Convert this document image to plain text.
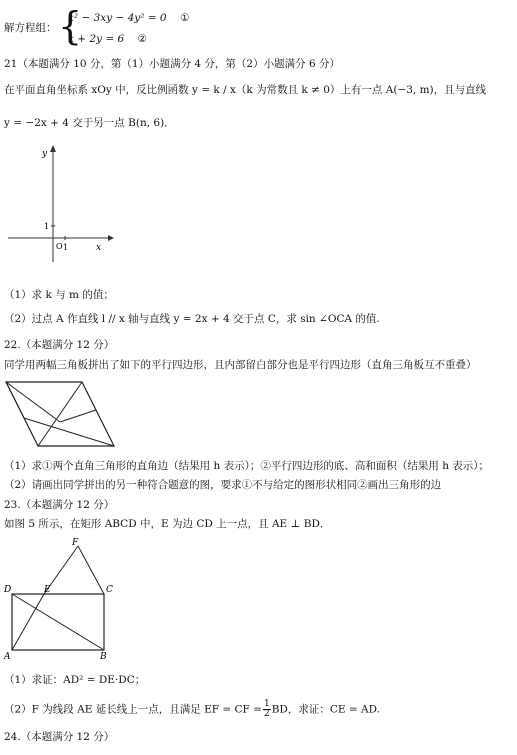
解方程组： {
x² − 3xy − 4y² = 0 ①
x + 2y = 6 ②
21（本题满分 10 分，第（1）小题满分 4 分，第（2）小题满分 6 分）
在平面直角坐标系 xOy 中，反比例函数 y = k / x（k 为常数且 k ≠ 0）上有一点 A(−3, m)，且与直线
y = −2x + 4 交于另一点 B(n, 6)．
y
x
O 1
1
（1）求 k 与 m 的值；
（2）过点 A 作直线 l // x 轴与直线 y = 2x + 4 交于点 C，求 sin ∠OCA 的值.
22.（本题满分 12 分）
同学用两幅三角板拼出了如下的平行四边形，且内部留白部分也是平行四边形（直角三角板互不重叠）
（1）求①两个直角三角形的直角边（结果用 h 表示）；②平行四边形的底、高和面积（结果用 h 表示）；
（2）请画出同学拼出的另一种符合题意的图，要求①不与给定的图形状相同②画出三角形的边
23.（本题满分 12 分）
如图 5 所示，在矩形 ABCD 中，E 为边 CD 上一点，且 AE ⊥ BD．
F
D	E	C
A	B
（1）求证：AD² = DE·DC；
（2）F 为线段 AE 延长线上一点，且满足 EF = CF = $\frac{1}{2}$ BD，求证：CE = AD.
24.（本题满分 12 分）
